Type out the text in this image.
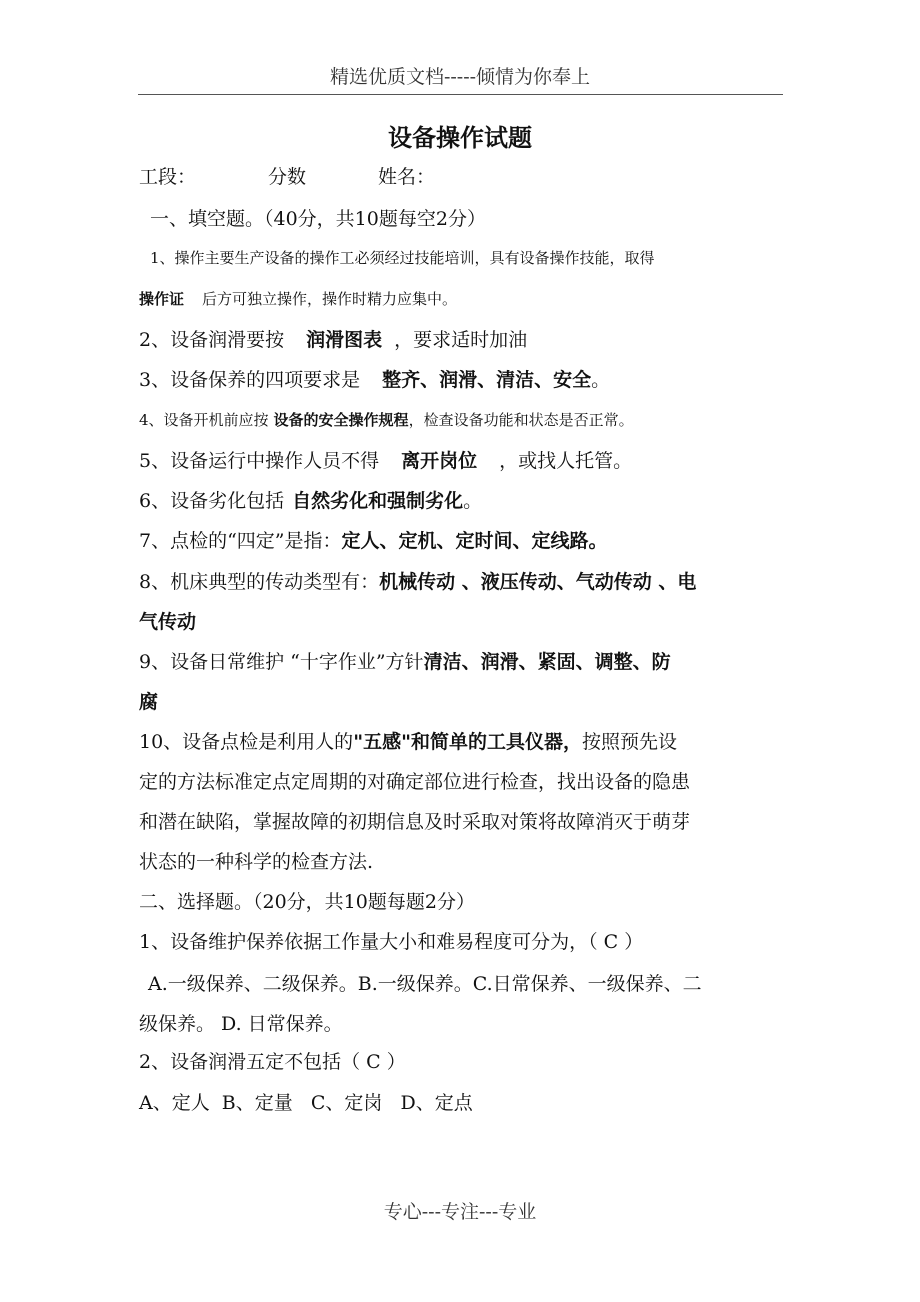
精选优质文档-----倾情为你奉上
设备操作试题
工段：	分数	姓名：
一、填空题。（40分，共10题每空2分）
1、操作主要生产设备的操作工必须经过技能培训，具有设备操作技能，取得
操作证 后方可独立操作，操作时精力应集中。
2、设备润滑要按 润滑图表 ，要求适时加油
3、设备保养的四项要求是 整齐、润滑、清洁、安全。
4、设备开机前应按 设备的安全操作规程，检查设备功能和状态是否正常。
5、设备运行中操作人员不得 离开岗位 ，或找人托管。
6、设备劣化包括 自然劣化和强制劣化。
7、点检的“四定”是指：定人、定机、定时间、定线路。
8、机床典型的传动类型有：机械传动 、液压传动、气动传动 、电
气传动
9、设备日常维护 “十字作业”方针清洁、润滑、紧固、调整、防
腐
10、设备点检是利用人的"五感"和简单的工具仪器，按照预先设
定的方法标准定点定周期的对确定部位进行检查，找出设备的隐患
和潜在缺陷，掌握故障的初期信息及时采取对策将故障消灭于萌芽
状态的一种科学的检查方法.
二、选择题。（20分，共10题每题2分）
1、设备维护保养依据工作量大小和难易程度可分为，（ C ）
A.一级保养、二级保养。B.一级保养。C.日常保养、一级保养、二
级保养。 D. 日常保养。
2、设备润滑五定不包括（ C ）
A、定人  B、定量   C、定岗   D、定点
专心---专注---专业
